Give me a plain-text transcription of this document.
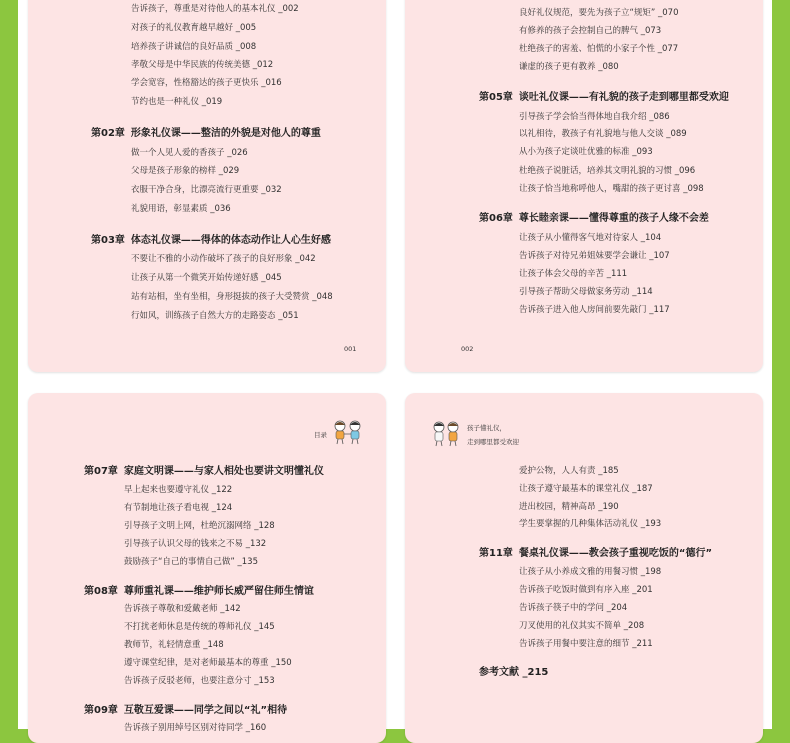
告诉孩子，尊重是对待他人的基本礼仪 _002
对孩子的礼仪教育越早越好 _005
培养孩子讲诚信的良好品质 _008
孝敬父母是中华民族的传统美德 _012
学会宽容，性格豁达的孩子更快乐 _016
节约也是一种礼仪 _019
第02章 形象礼仪课——整洁的外貌是对他人的尊重
做一个人见人爱的香孩子 _026
父母是孩子形象的榜样 _029
衣服干净合身，比漂亮流行更重要 _032
礼貌用语，彰显素质 _036
第03章 体态礼仪课——得体的体态动作让人心生好感
不要让不雅的小动作破坏了孩子的良好形象 _042
让孩子从第一个微笑开始传递好感 _045
站有站相，坐有坐相，身形挺拔的孩子大受赞赏 _048
行如风，训练孩子自然大方的走路姿态 _051
001
良好礼仪规范，要先为孩子立“规矩” _070
有修养的孩子会控制自己的脾气 _073
杜绝孩子的害羞、怕慌的小家子个性 _077
谦虚的孩子更有教养 _080
第05章 谈吐礼仪课——有礼貌的孩子走到哪里都受欢迎
引导孩子学会恰当得体地自我介绍 _086
以礼相待，教孩子有礼貌地与他人交谈 _089
从小为孩子定谈吐优雅的标准 _093
杜绝孩子说脏话，培养其文明礼貌的习惯 _096
让孩子恰当地称呼他人，嘴甜的孩子更讨喜 _098
第06章 尊长睦亲课——懂得尊重的孩子人缘不会差
让孩子从小懂得客气地对待家人 _104
告诉孩子对待兄弟姐妹要学会谦让 _107
让孩子体会父母的辛苦 _111
引导孩子帮助父母做家务劳动 _114
告诉孩子进入他人房间前要先敲门 _117
002
目录
第07章 家庭文明课——与家人相处也要讲文明懂礼仪
早上起来也要遵守礼仪 _122
有节制地让孩子看电视 _124
引导孩子文明上网，杜绝沉溺网络 _128
引导孩子认识父母的钱来之不易 _132
鼓励孩子“自己的事情自己做” _135
第08章 尊师重礼课——维护师长威严留住师生情谊
告诉孩子尊敬和爱戴老师 _142
不打扰老师休息是传统的尊师礼仪 _145
教师节，礼轻情意重 _148
遵守课堂纪律，是对老师最基本的尊重 _150
告诉孩子反驳老师，也要注意分寸 _153
第09章 互敬互爱课——同学之间以“礼”相待
告诉孩子别用绰号区别对待同学 _160
孩子懂礼仪，
走到哪里都受欢迎
爱护公物，人人有责 _185
让孩子遵守最基本的课堂礼仪 _187
进出校园，精神高昂 _190
学生要掌握的几种集体活动礼仪 _193
第11章 餐桌礼仪课——教会孩子重视吃饭的“德行”
让孩子从小养成文雅的用餐习惯 _198
告诉孩子吃饭时做到有序入座 _201
告诉孩子筷子中的学问 _204
刀叉使用的礼仪其实不简单 _208
告诉孩子用餐中要注意的细节 _211
参考文献 _215
